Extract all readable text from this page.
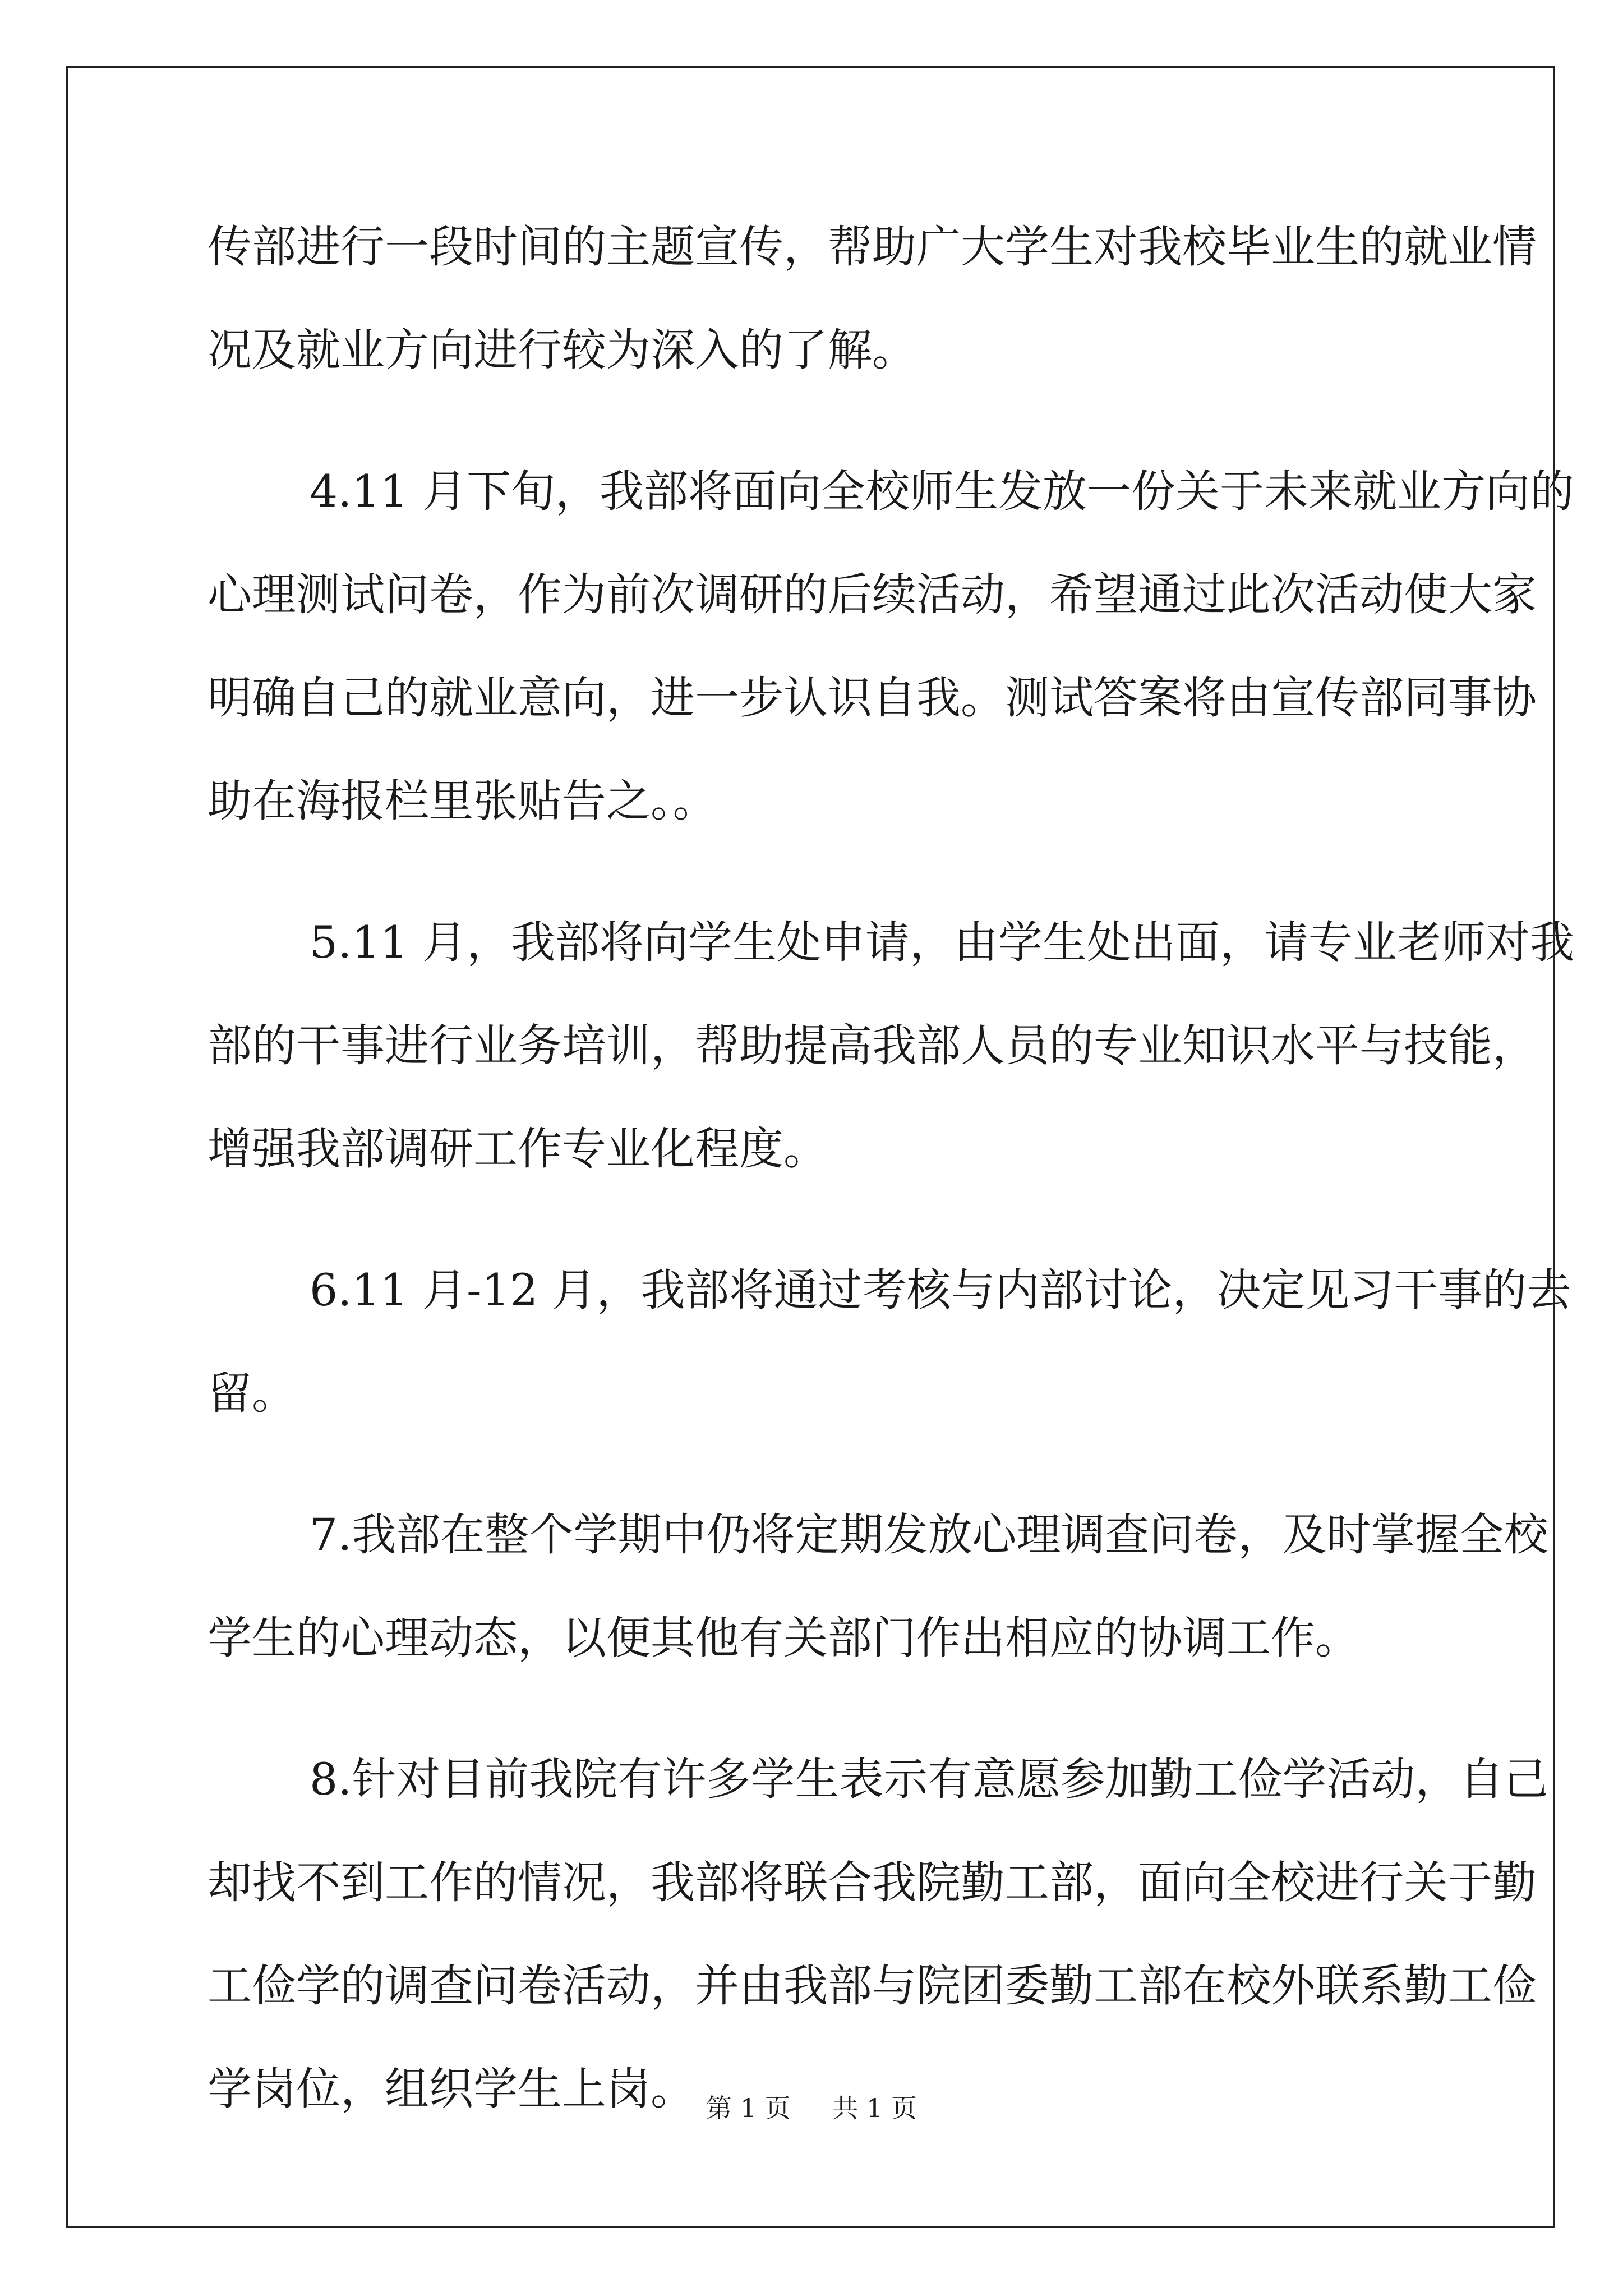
传部进行一段时间的主题宣传，帮助广大学生对我校毕业生的就业情
况及就业方向进行较为深入的了解。
4.11 月下旬，我部将面向全校师生发放一份关于未来就业方向的
心理测试问卷，作为前次调研的后续活动，希望通过此次活动使大家
明确自己的就业意向，进一步认识自我。测试答案将由宣传部同事协
助在海报栏里张贴告之。。
5.11 月，我部将向学生处申请，由学生处出面，请专业老师对我
部的干事进行业务培训，帮助提高我部人员的专业知识水平与技能，
增强我部调研工作专业化程度。
6.11 月-12 月，我部将通过考核与内部讨论，决定见习干事的去
留。
7.我部在整个学期中仍将定期发放心理调查问卷，及时掌握全校
学生的心理动态，以便其他有关部门作出相应的协调工作。
8.针对目前我院有许多学生表示有意愿参加勤工俭学活动，自己
却找不到工作的情况，我部将联合我院勤工部，面向全校进行关于勤
工俭学的调查问卷活动，并由我部与院团委勤工部在校外联系勤工俭
学岗位，组织学生上岗。 第 1 页 共 1 页
